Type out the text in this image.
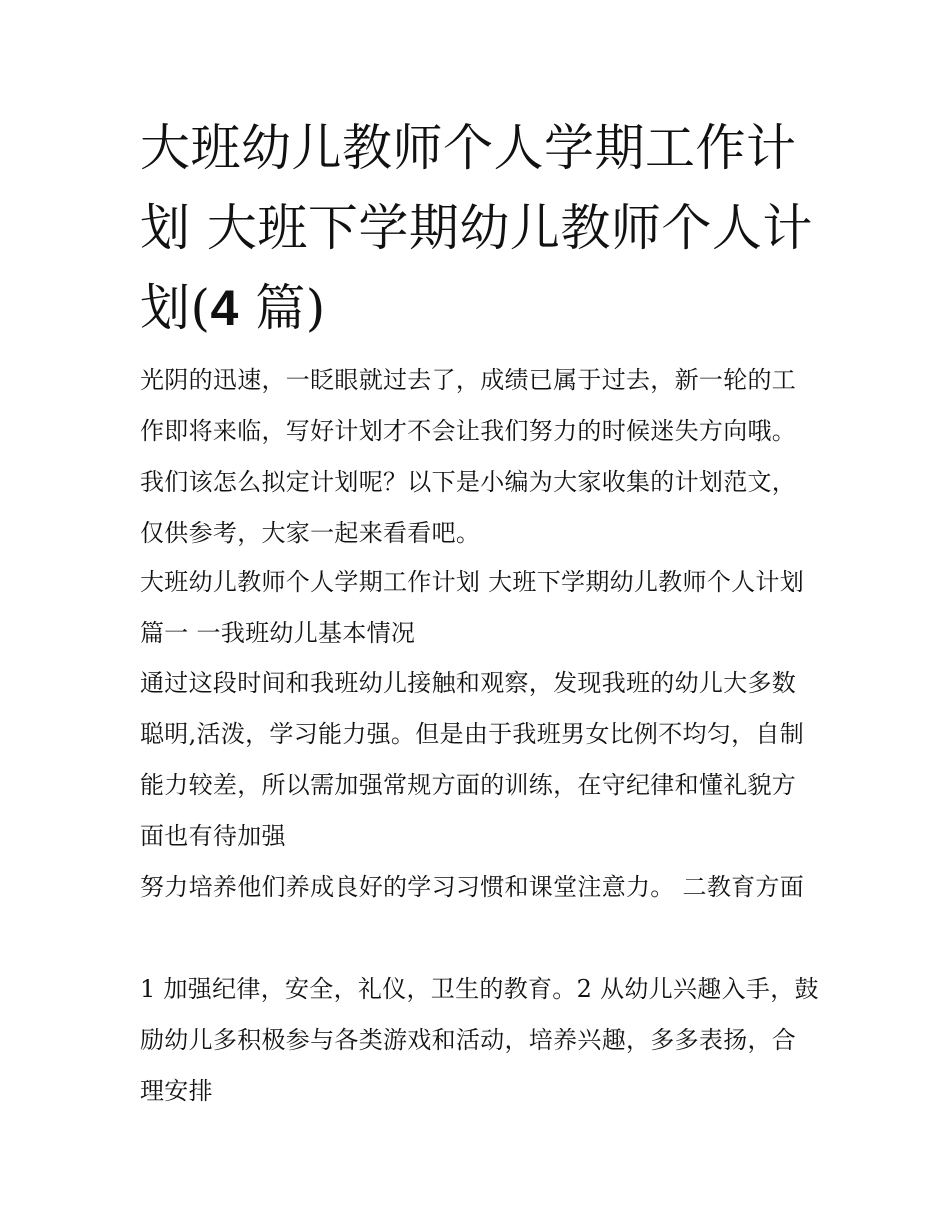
大班幼儿教师个人学期工作计划 大班下学期幼儿教师个人计划(4 篇)

光阴的迅速，一眨眼就过去了，成绩已属于过去，新一轮的工作即将来临，写好计划才不会让我们努力的时候迷失方向哦。我们该怎么拟定计划呢？以下是小编为大家收集的计划范文，仅供参考，大家一起来看看吧。

大班幼儿教师个人学期工作计划 大班下学期幼儿教师个人计划篇一 一我班幼儿基本情况

通过这段时间和我班幼儿接触和观察，发现我班的幼儿大多数聪明,活泼，学习能力强。但是由于我班男女比例不均匀，自制能力较差，所以需加强常规方面的训练，在守纪律和懂礼貌方面也有待加强

努力培养他们养成良好的学习习惯和课堂注意力。 二教育方面

1 加强纪律，安全，礼仪，卫生的教育。2 从幼儿兴趣入手，鼓励幼儿多积极参与各类游戏和活动，培养兴趣，多多表扬，合理安排
